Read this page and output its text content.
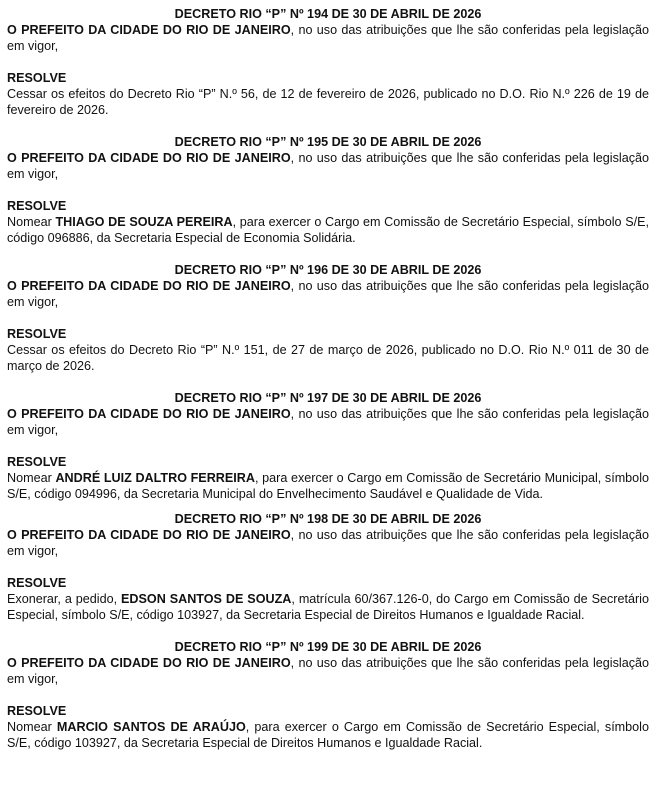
DECRETO RIO “P” Nº 194 DE 30 DE ABRIL DE 2026

O PREFEITO DA CIDADE DO RIO DE JANEIRO, no uso das atribuições que lhe são conferidas pela legislação em vigor,

RESOLVE

Cessar os efeitos do Decreto Rio “P” N.º 56, de 12 de fevereiro de 2026, publicado no D.O. Rio N.º 226 de 19 de fevereiro de 2026.

DECRETO RIO “P” Nº 195 DE 30 DE ABRIL DE 2026

O PREFEITO DA CIDADE DO RIO DE JANEIRO, no uso das atribuições que lhe são conferidas pela legislação em vigor,

RESOLVE

Nomear THIAGO DE SOUZA PEREIRA, para exercer o Cargo em Comissão de Secretário Especial, símbolo S/E, código 096886, da Secretaria Especial de Economia Solidária.

DECRETO RIO “P” Nº 196 DE 30 DE ABRIL DE 2026

O PREFEITO DA CIDADE DO RIO DE JANEIRO, no uso das atribuições que lhe são conferidas pela legislação em vigor,

RESOLVE

Cessar os efeitos do Decreto Rio “P” N.º 151, de 27 de março de 2026, publicado no D.O. Rio N.º 011 de 30 de março de 2026.

DECRETO RIO “P” Nº 197 DE 30 DE ABRIL DE 2026

O PREFEITO DA CIDADE DO RIO DE JANEIRO, no uso das atribuições que lhe são conferidas pela legislação em vigor,

RESOLVE

Nomear ANDRÉ LUIZ DALTRO FERREIRA, para exercer o Cargo em Comissão de Secretário Municipal, símbolo S/E, código 094996, da Secretaria Municipal do Envelhecimento Saudável e Qualidade de Vida.

DECRETO RIO “P” Nº 198 DE 30 DE ABRIL DE 2026

O PREFEITO DA CIDADE DO RIO DE JANEIRO, no uso das atribuições que lhe são conferidas pela legislação em vigor,

RESOLVE

Exonerar, a pedido, EDSON SANTOS DE SOUZA, matrícula 60/367.126-0, do Cargo em Comissão de Secretário Especial, símbolo S/E, código 103927, da Secretaria Especial de Direitos Humanos e Igualdade Racial.

DECRETO RIO “P” Nº 199 DE 30 DE ABRIL DE 2026

O PREFEITO DA CIDADE DO RIO DE JANEIRO, no uso das atribuições que lhe são conferidas pela legislação em vigor,

RESOLVE

Nomear MARCIO SANTOS DE ARAÚJO, para exercer o Cargo em Comissão de Secretário Especial, símbolo S/E, código 103927, da Secretaria Especial de Direitos Humanos e Igualdade Racial.
